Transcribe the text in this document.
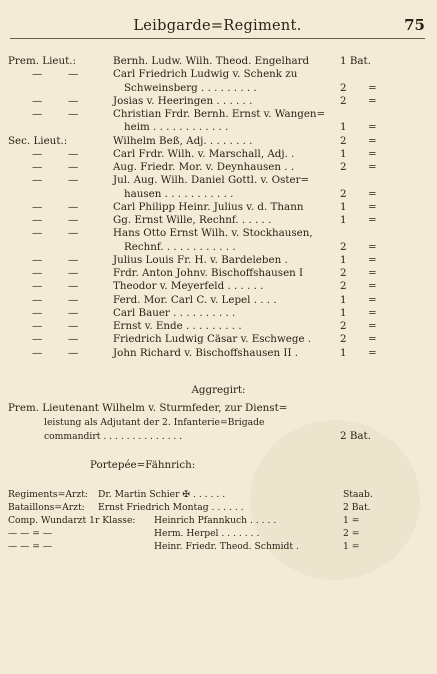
Leibgarde=Regiment.	75
Prem. Lieut.:	Bernh. Ludw. Wilh. Theod. Engelhard	1 Bat.
— —	Carl Friedrich Ludwig v. Schenk zu
Schweinsberg . . . . . . . . .	2 =
— —	Josias v. Heeringen . . . . . .	2 =
— —	Christian Frdr. Bernh. Ernst v. Wangen=
heim . . . . . . . . . . . .	1 =
Sec. Lieut.:	Wilhelm Beß, Adj. . . . . . . .	2 =
— —	Carl Frdr. Wilh. v. Marschall, Adj. .	1 =
— —	Aug. Friedr. Mor. v. Deynhausen . .	2 =
— —	Jul. Aug. Wilh. Daniel Gottl. v. Oster=
hausen . . . . . . . . . . .	2 =
— —	Carl Philipp Heinr. Julius v. d. Thann	1 =
— —	Gg. Ernst Wille, Rechnf. . . . . .	1 =
— —	Hans Otto Ernst Wilh. v. Stockhausen,
Rechnf. . . . . . . . . . . .	2 =
— —	Julius Louis Fr. H. v. Bardeleben .	1 =
— —	Frdr. Anton Johnv. Bischoffshausen I	2 =
— —	Theodor v. Meyerfeld . . . . . .	2 =
— —	Ferd. Mor. Carl C. v. Lepel . . . .	1 =
— —	Carl Bauer . . . . . . . . . .	1 =
— —	Ernst v. Ende . . . . . . . . .	2 =
— —	Friedrich Ludwig Cäsar v. Eschwege .	2 =
— —	John Richard v. Bischoffshausen II .	1 =
Aggregirt:
Prem. Lieutenant Wilhelm v. Sturmfeder, zur Dienst=
leistung als Adjutant der 2. Infanterie=Brigade
commandirt . . . . . . . . . . . . . .	2 Bat.
Portepée=Fähnrich:
Regiments=Arzt: Dr. Martin Schier ✠ . . . . . .	Staab.
Bataillons=Arzt: Ernst Friedrich Montag . . . . . .	2 Bat.
Comp. Wundarzt 1r Klasse: Heinrich Pfannkuch . . . . .	1 =
— — = —	Herm. Herpel . . . . . . .	2 =
— — = —	Heinr. Friedr. Theod. Schmidt .	1 =
